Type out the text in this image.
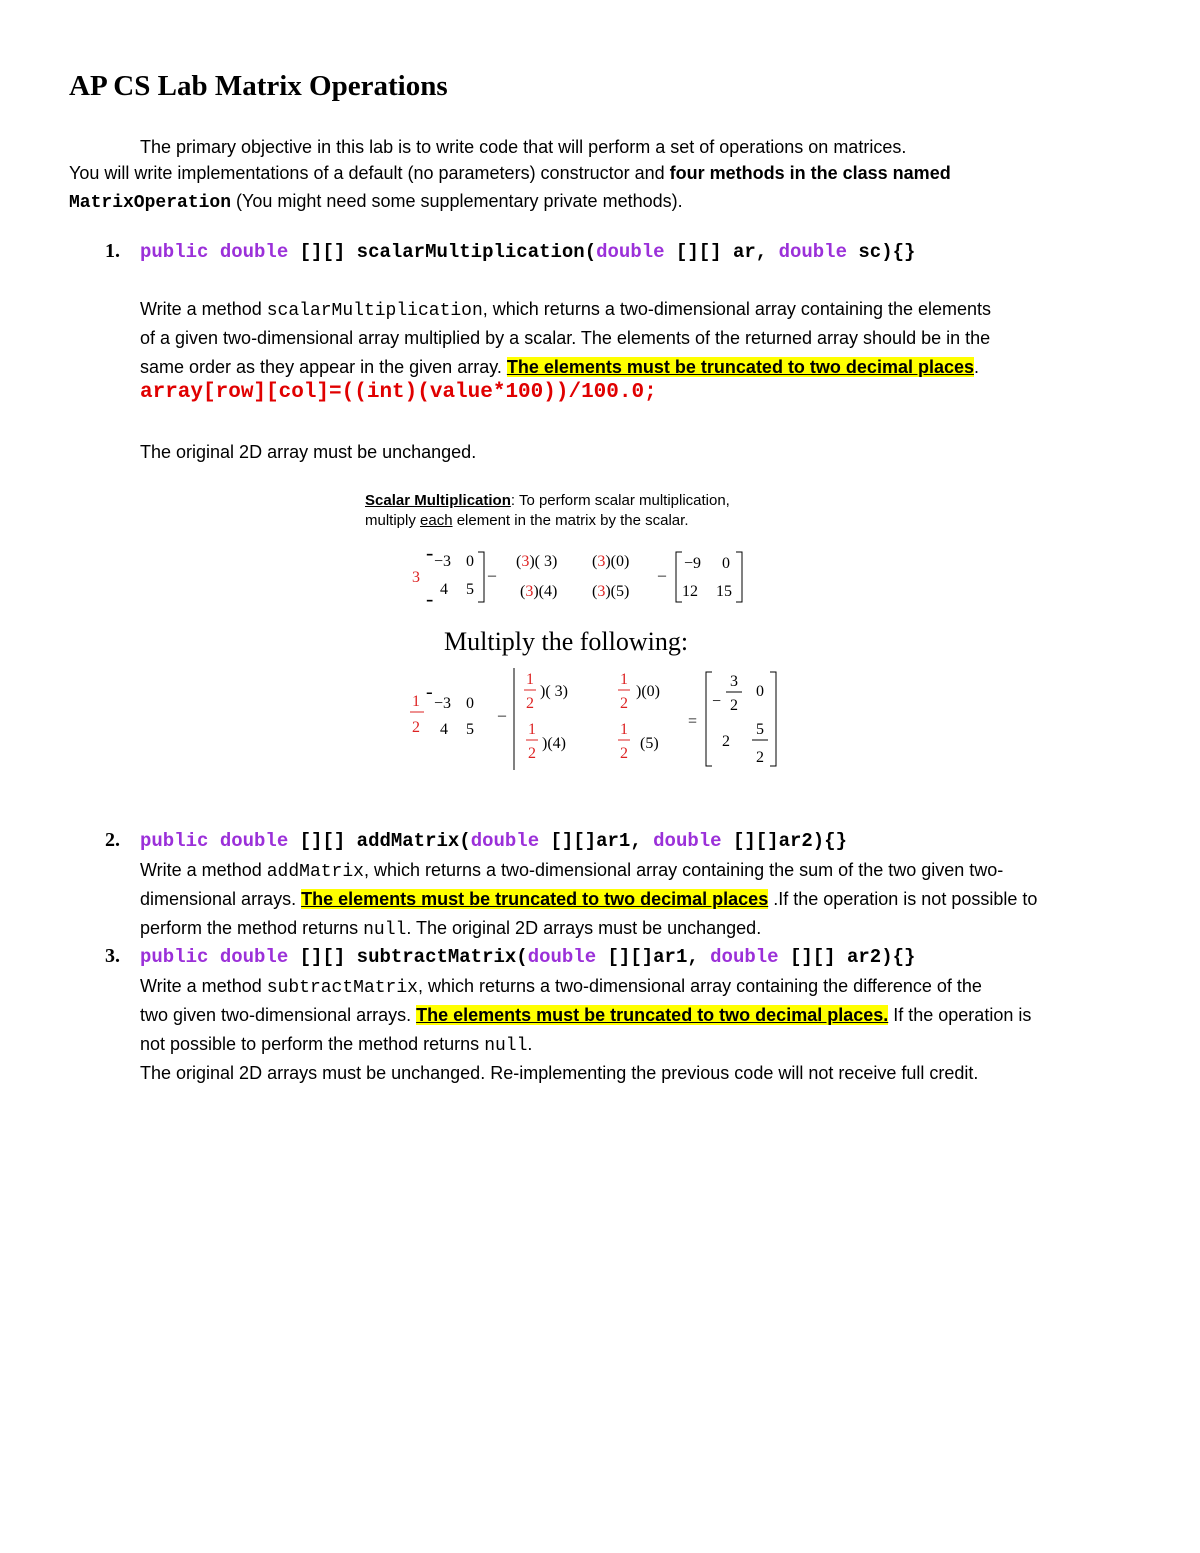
AP CS Lab Matrix Operations
The primary objective in this lab is to write code that will perform a set of operations on matrices.
You will write implementations of a default (no parameters) constructor and four methods in the class named
MatrixOperation (You might need some supplementary private methods).
1. public double [][] scalarMultiplication(double [][] ar, double sc){}
Write a method scalarMultiplication, which returns a two-dimensional array containing the elements
of a given two-dimensional array multiplied by a scalar. The elements of the returned array should be in the
same order as they appear in the given array. The elements must be truncated to two decimal places.
array[row][col]=((int)(value*100))/100.0;
The original 2D array must be unchanged.
Scalar Multiplication: To perform scalar multiplication,
multiply each element in the matrix by the scalar.
3
-
-
−3 0
4 5
–
(3)( 3) (3)(0)
(3)(4) (3)(5)
–
−9 0
12 15
Multiply the following:
1
2
-
−3 0
4 5
–
1
2
)( 3)
1
2
)(0)
1
2
)(4)
1
2
(5)
=
−
3
2
0
2
5
2
2. public double [][] addMatrix(double [][]ar1, double [][]ar2){}
Write a method addMatrix, which returns a two-dimensional array containing the sum of the two given two-
dimensional arrays. The elements must be truncated to two decimal places .If the operation is not possible to
perform the method returns null. The original 2D arrays must be unchanged.
3. public double [][] subtractMatrix(double [][]ar1, double [][] ar2){}
Write a method subtractMatrix, which returns a two-dimensional array containing the difference of the
two given two-dimensional arrays. The elements must be truncated to two decimal places. If the operation is
not possible to perform the method returns null.
The original 2D arrays must be unchanged. Re-implementing the previous code will not receive full credit.
